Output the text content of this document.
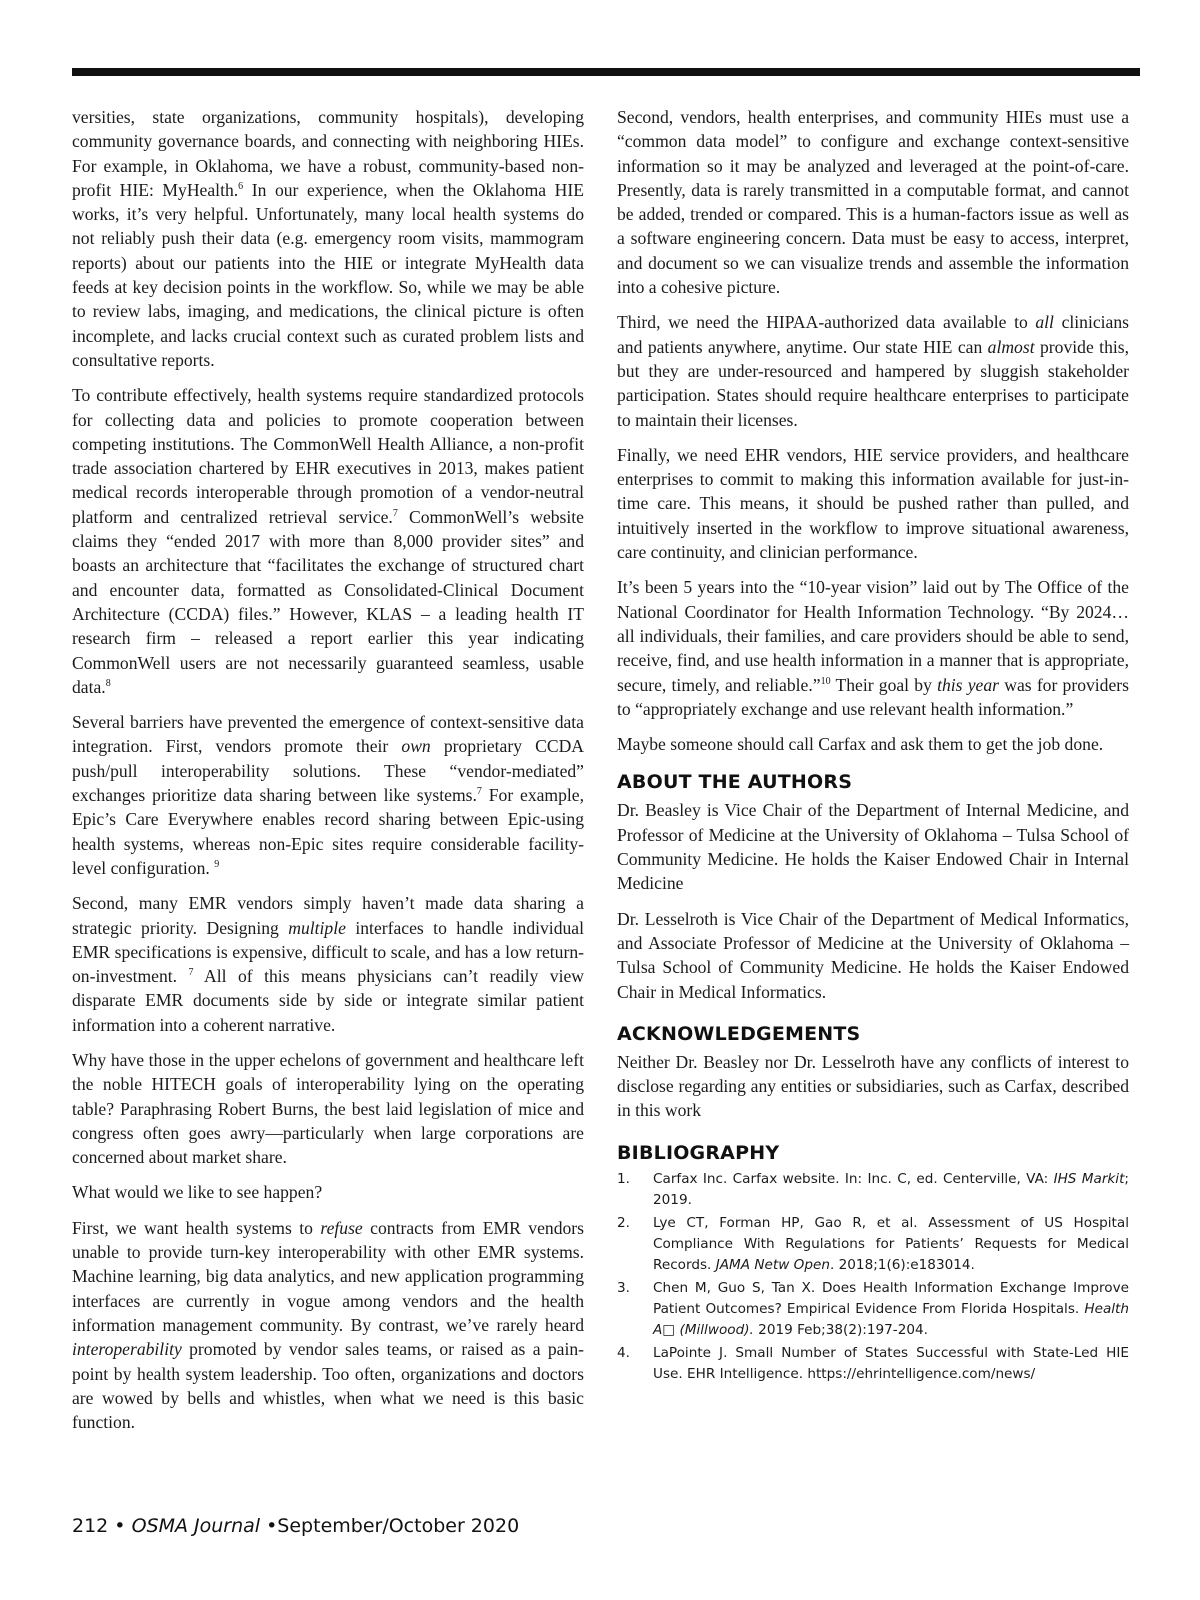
versities, state organizations, community hospitals), developing community governance boards, and connecting with neighboring HIEs. For example, in Oklahoma, we have a robust, community-based non-profit HIE: MyHealth.$^6$ In our experience, when the Oklahoma HIE works, it’s very helpful. Unfortunately, many local health systems do not reliably push their data (e.g. emergency room visits, mammogram reports) about our patients into the HIE or integrate MyHealth data feeds at key decision points in the workflow. So, while we may be able to review labs, imaging, and medications, the clinical picture is often incomplete, and lacks crucial context such as curated problem lists and consultative reports.

To contribute effectively, health systems require standardized protocols for collecting data and policies to promote cooperation between competing institutions. The CommonWell Health Alliance, a non-profit trade association chartered by EHR executives in 2013, makes patient medical records interoperable through promotion of a vendor-neutral platform and centralized retrieval service.$^7$ CommonWell’s website claims they “ended 2017 with more than 8,000 provider sites” and boasts an architecture that “facilitates the exchange of structured chart and encounter data, formatted as Consolidated-Clinical Document Architecture (CCDA) files.” However, KLAS – a leading health IT research firm – released a report earlier this year indicating CommonWell users are not necessarily guaranteed seamless, usable data.$^8$

Several barriers have prevented the emergence of context-sensitive data integration. First, vendors promote their own proprietary CCDA push/pull interoperability solutions. These “vendor-mediated” exchanges prioritize data sharing between like systems.$^7$ For example, Epic’s Care Everywhere enables record sharing between Epic-using health systems, whereas non-Epic sites require considerable facility-level configuration. $^9$

Second, many EMR vendors simply haven’t made data sharing a strategic priority. Designing multiple interfaces to handle individual EMR specifications is expensive, difficult to scale, and has a low return-on-investment. $^7$ All of this means physicians can’t readily view disparate EMR documents side by side or integrate similar patient information into a coherent narrative.

Why have those in the upper echelons of government and healthcare left the noble HITECH goals of interoperability lying on the operating table? Paraphrasing Robert Burns, the best laid legislation of mice and congress often goes awry—particularly when large corporations are concerned about market share.

What would we like to see happen?

First, we want health systems to refuse contracts from EMR vendors unable to provide turn-key interoperability with other EMR systems. Machine learning, big data analytics, and new application programming interfaces are currently in vogue among vendors and the health information management community. By contrast, we’ve rarely heard interoperability promoted by vendor sales teams, or raised as a pain-point by health system leadership. Too often, organizations and doctors are wowed by bells and whistles, when what we need is this basic function.

Second, vendors, health enterprises, and community HIEs must use a “common data model” to configure and exchange context-sensitive information so it may be analyzed and leveraged at the point-of-care. Presently, data is rarely transmitted in a computable format, and cannot be added, trended or compared. This is a human-factors issue as well as a software engineering concern. Data must be easy to access, interpret, and document so we can visualize trends and assemble the information into a cohesive picture.

Third, we need the HIPAA-authorized data available to all clinicians and patients anywhere, anytime. Our state HIE can almost provide this, but they are under-resourced and hampered by sluggish stakeholder participation. States should require healthcare enterprises to participate to maintain their licenses.

Finally, we need EHR vendors, HIE service providers, and healthcare enterprises to commit to making this information available for just-in-time care. This means, it should be pushed rather than pulled, and intuitively inserted in the workflow to improve situational awareness, care continuity, and clinician performance.

It’s been 5 years into the “10-year vision” laid out by The Office of the National Coordinator for Health Information Technology. “By 2024…all individuals, their families, and care providers should be able to send, receive, find, and use health information in a manner that is appropriate, secure, timely, and reliable.”$^{10}$ Their goal by this year was for providers to “appropriately exchange and use relevant health information.”

Maybe someone should call Carfax and ask them to get the job done.

ABOUT THE AUTHORS

Dr. Beasley is Vice Chair of the Department of Internal Medicine, and Professor of Medicine at the University of Oklahoma – Tulsa School of Community Medicine. He holds the Kaiser Endowed Chair in Internal Medicine

Dr. Lesselroth is Vice Chair of the Department of Medical Informatics, and Associate Professor of Medicine at the University of Oklahoma – Tulsa School of Community Medicine. He holds the Kaiser Endowed Chair in Medical Informatics.

ACKNOWLEDGEMENTS

Neither Dr. Beasley nor Dr. Lesselroth have any conflicts of interest to disclose regarding any entities or subsidiaries, such as Carfax, described in this work

BIBLIOGRAPHY
1. Carfax Inc. Carfax website. In: Inc. C, ed. Centerville, VA: IHS Markit; 2019.
2. Lye CT, Forman HP, Gao R, et al. Assessment of US Hospital Compliance With Regulations for Patients’ Requests for Medical Records. JAMA Netw Open. 2018;1(6):e183014.
3. Chen M, Guo S, Tan X. Does Health Information Exchange Improve Patient Outcomes? Empirical Evidence From Florida Hospitals. Health A□ (Millwood). 2019 Feb;38(2):197-204.
4. LaPointe J. Small Number of States Successful with State-Led HIE Use. EHR Intelligence. https://ehrintelligence.com/news/
212 • OSMA Journal •September/October 2020
